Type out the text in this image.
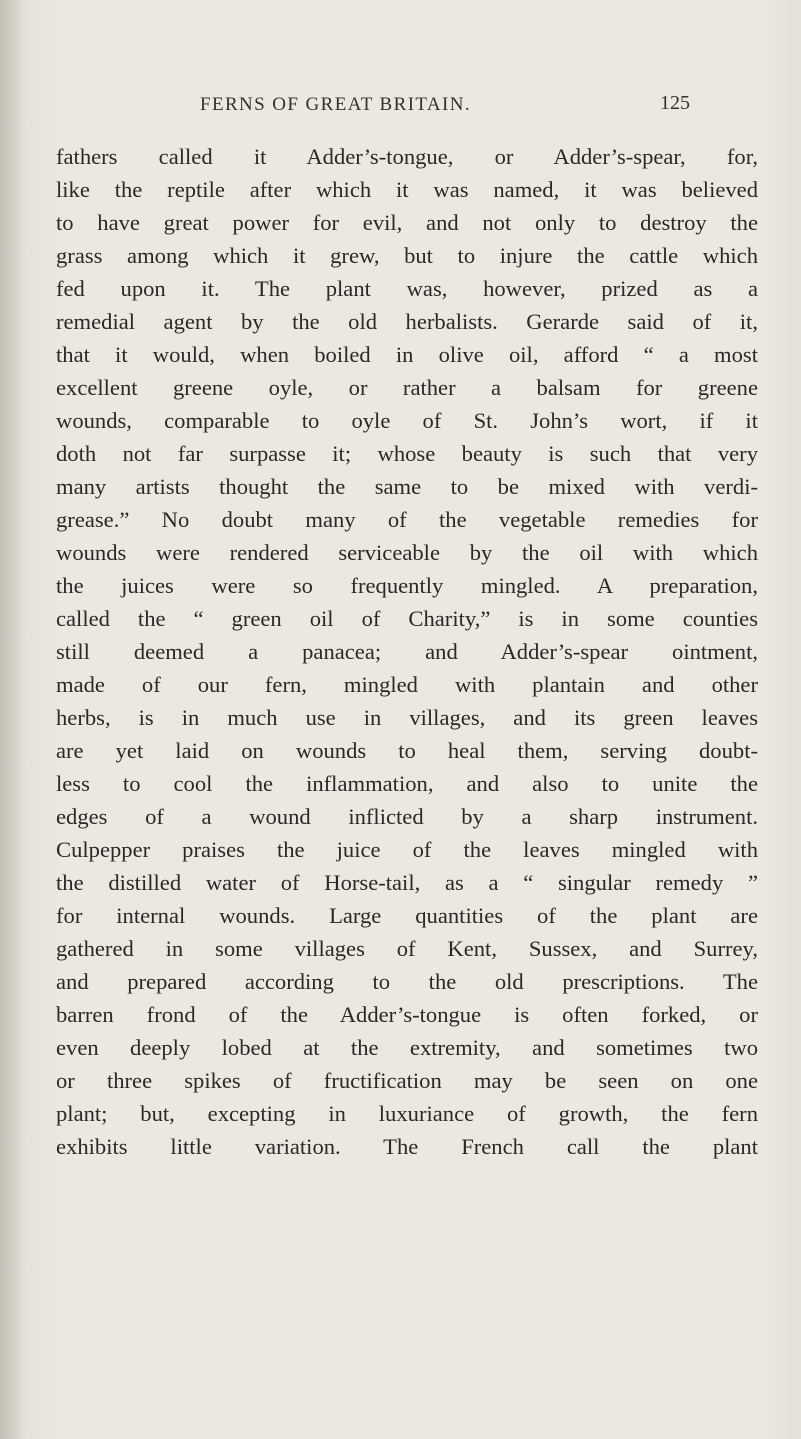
FERNS OF GREAT BRITAIN.	125
fathers called it Adder’s-tongue, or Adder’s-spear, for,
like the reptile after which it was named, it was believed
to have great power for evil, and not only to destroy the
grass among which it grew, but to injure the cattle which
fed upon it. The plant was, however, prized as a
remedial agent by the old herbalists. Gerarde said of it,
that it would, when boiled in olive oil, afford “ a most
excellent greene oyle, or rather a balsam for greene
wounds, comparable to oyle of St. John’s wort, if it
doth not far surpasse it; whose beauty is such that very
many artists thought the same to be mixed with verdi-
grease.” No doubt many of the vegetable remedies for
wounds were rendered serviceable by the oil with which
the juices were so frequently mingled. A preparation,
called the “ green oil of Charity,” is in some counties
still deemed a panacea; and Adder’s-spear ointment,
made of our fern, mingled with plantain and other
herbs, is in much use in villages, and its green leaves
are yet laid on wounds to heal them, serving doubt-
less to cool the inflammation, and also to unite the
edges of a wound inflicted by a sharp instrument.
Culpepper praises the juice of the leaves mingled with
the distilled water of Horse-tail, as a “ singular remedy ”
for internal wounds. Large quantities of the plant are
gathered in some villages of Kent, Sussex, and Surrey,
and prepared according to the old prescriptions. The
barren frond of the Adder’s-tongue is often forked, or
even deeply lobed at the extremity, and sometimes two
or three spikes of fructification may be seen on one
plant; but, excepting in luxuriance of growth, the fern
exhibits little variation. The French call the plant
